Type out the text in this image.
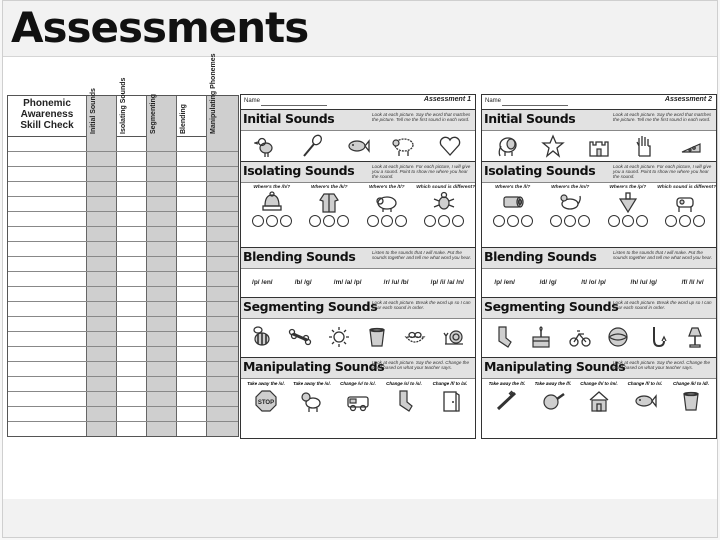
Assessments
Phonemic
Awareness
Skill Check	Initial Sounds	Isolating Sounds	Segmenting	Blending	Manipulating Phonemes	Name	Assessment 1
Initial Sounds	Look at each picture. Say the word that matches the picture. Tell me the first sound in each word.
Isolating Sounds	Look at each picture. For each picture, I will give you a sound. Point to show me where you hear the sound.
Where's the /h/?	Where's the /k/?	Where's the /t/?	Which sound is different?
Blending Sounds	Listen to the sounds that I will make. Put the sounds together and tell me what word you hear.
/p/ /en/	/b/ /g/	/m/ /a/ /p/	/r/ /u/ /b/	/p/ /i/ /a/ /n/
Segmenting Sounds
Look at each picture. Break the word up so I can hear each sound in order.
Manipulating Sounds
Look at each picture. Say the word. Change the word based on what your teacher says.
Take away the /s/.	Take away the /s/.	Change /v/ to /c/.	Change /s/ to /s/.	Change /f/ to /a/.
STOP
Name	Assessment 2
Initial Sounds	Look at each picture. Say the word that matches the picture. Tell me the first sound in each word.
Isolating Sounds	Look at each picture. For each picture, I will give you a sound. Point to show me where you hear the sound.
Where's the /l/?	Where's the /m/?	Where's the /p/?	Which sound is different?
Blending Sounds	Listen to the sounds that I will make. Put the sounds together and tell me what word you hear.
/p/ /en/	/d/ /g/	/t/ /o/ /p/	/h/ /u/ /g/	/f/ /l/ /v/
Segmenting Sounds
Look at each picture. Break the word up so I can hear each sound in order.
Manipulating Sounds
Look at each picture. Say the word. Change the word based on what your teacher says.
Take away the /t/.	Take away the /f/.	Change /h/ to /m/.	Change /f/ to /s/.	Change /k/ to /d/.
